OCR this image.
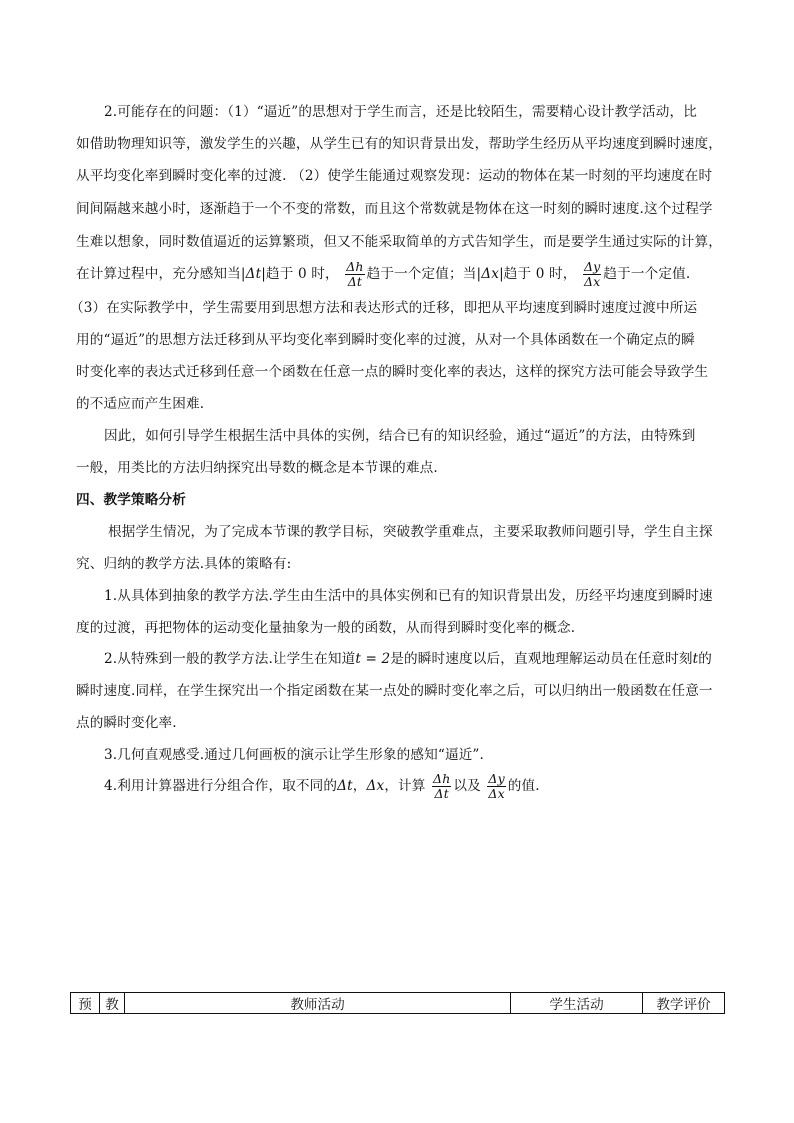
2.可能存在的问题：（1）“逼近”的思想对于学生而言，还是比较陌生，需要精心设计教学活动，比
如借助物理知识等，激发学生的兴趣，从学生已有的知识背景出发，帮助学生经历从平均速度到瞬时速度，
从平均变化率到瞬时变化率的过渡. （2）使学生能通过观察发现：运动的物体在某一时刻的平均速度在时
间间隔越来越小时，逐渐趋于一个不变的常数，而且这个常数就是物体在这一时刻的瞬时速度.这个过程学
生难以想象，同时数值逼近的运算繁琐，但又不能采取简单的方式告知学生，而是要学生通过实际的计算，
在计算过程中，充分感知当|Δt|趋于 0 时， $\frac{\Delta h}{\Delta t}$ 趋于一个定值；当|Δx|趋于 0 时， $\frac{\Delta y}{\Delta x}$ 趋于一个定值.
（3）在实际教学中，学生需要用到思想方法和表达形式的迁移，即把从平均速度到瞬时速度过渡中所运
用的“逼近”的思想方法迁移到从平均变化率到瞬时变化率的过渡，从对一个具体函数在一个确定点的瞬
时变化率的表达式迁移到任意一个函数在任意一点的瞬时变化率的表达，这样的探究方法可能会导致学生
的不适应而产生困难.
因此，如何引导学生根据生活中具体的实例，结合已有的知识经验，通过“逼近”的方法，由特殊到
一般，用类比的方法归纳探究出导数的概念是本节课的难点.
四、教学策略分析
根据学生情况，为了完成本节课的教学目标，突破教学重难点，主要采取教师问题引导，学生自主探
究、归纳的教学方法.具体的策略有:
1.从具体到抽象的教学方法.学生由生活中的具体实例和已有的知识背景出发，历经平均速度到瞬时速
度的过渡，再把物体的运动变化量抽象为一般的函数，从而得到瞬时变化率的概念.
2.从特殊到一般的教学方法.让学生在知道t = 2是的瞬时速度以后，直观地理解运动员在任意时刻t的
瞬时速度.同样，在学生探究出一个指定函数在某一点处的瞬时变化率之后，可以归纳出一般函数在任意一
点的瞬时变化率.
3.几何直观感受.通过几何画板的演示让学生形象的感知“逼近”.
4.利用计算器进行分组合作，取不同的Δt，Δx，计算 $\frac{\Delta h}{\Delta t}$ 以及 $\frac{\Delta y}{\Delta x}$ 的值.
预	教	教师活动	学生活动	教学评价
